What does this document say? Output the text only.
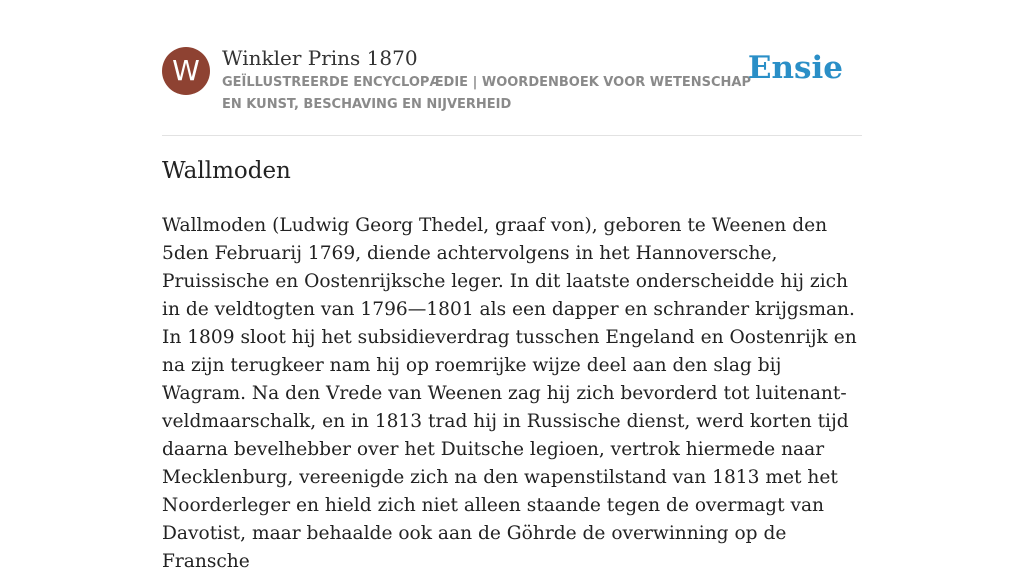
W	Winkler Prins 1870
GEÏLLUSTREERDE ENCYCLOPÆDIE | WOORDENBOEK VOOR WETENSCHAP EN KUNST, BESCHAVING EN NIJVERHEID
Ensie
Wallmoden

Wallmoden (Ludwig Georg Thedel, graaf von), geboren te Weenen den 5den Februarij 1769, diende achtervolgens in het Hannoversche, Pruissische en Oostenrijksche leger. In dit laatste onderscheidde hij zich in de veldtogten van 1796—1801 als een dapper en schrander krijgsman. In 1809 sloot hij het subsidieverdrag tusschen Engeland en Oostenrijk en na zijn terugkeer nam hij op roemrijke wijze deel aan den slag bij Wagram. Na den Vrede van Weenen zag hij zich bevorderd tot luitenant-veldmaarschalk, en in 1813 trad hij in Russische dienst, werd korten tijd daarna bevelhebber over het Duitsche legioen, vertrok hiermede naar Mecklenburg, vereenigde zich na den wapenstilstand van 1813 met het Noorderleger en hield zich niet alleen staande tegen de overmagt van Davotist, maar behaalde ook aan de Göhrde de overwinning op de Fransche
